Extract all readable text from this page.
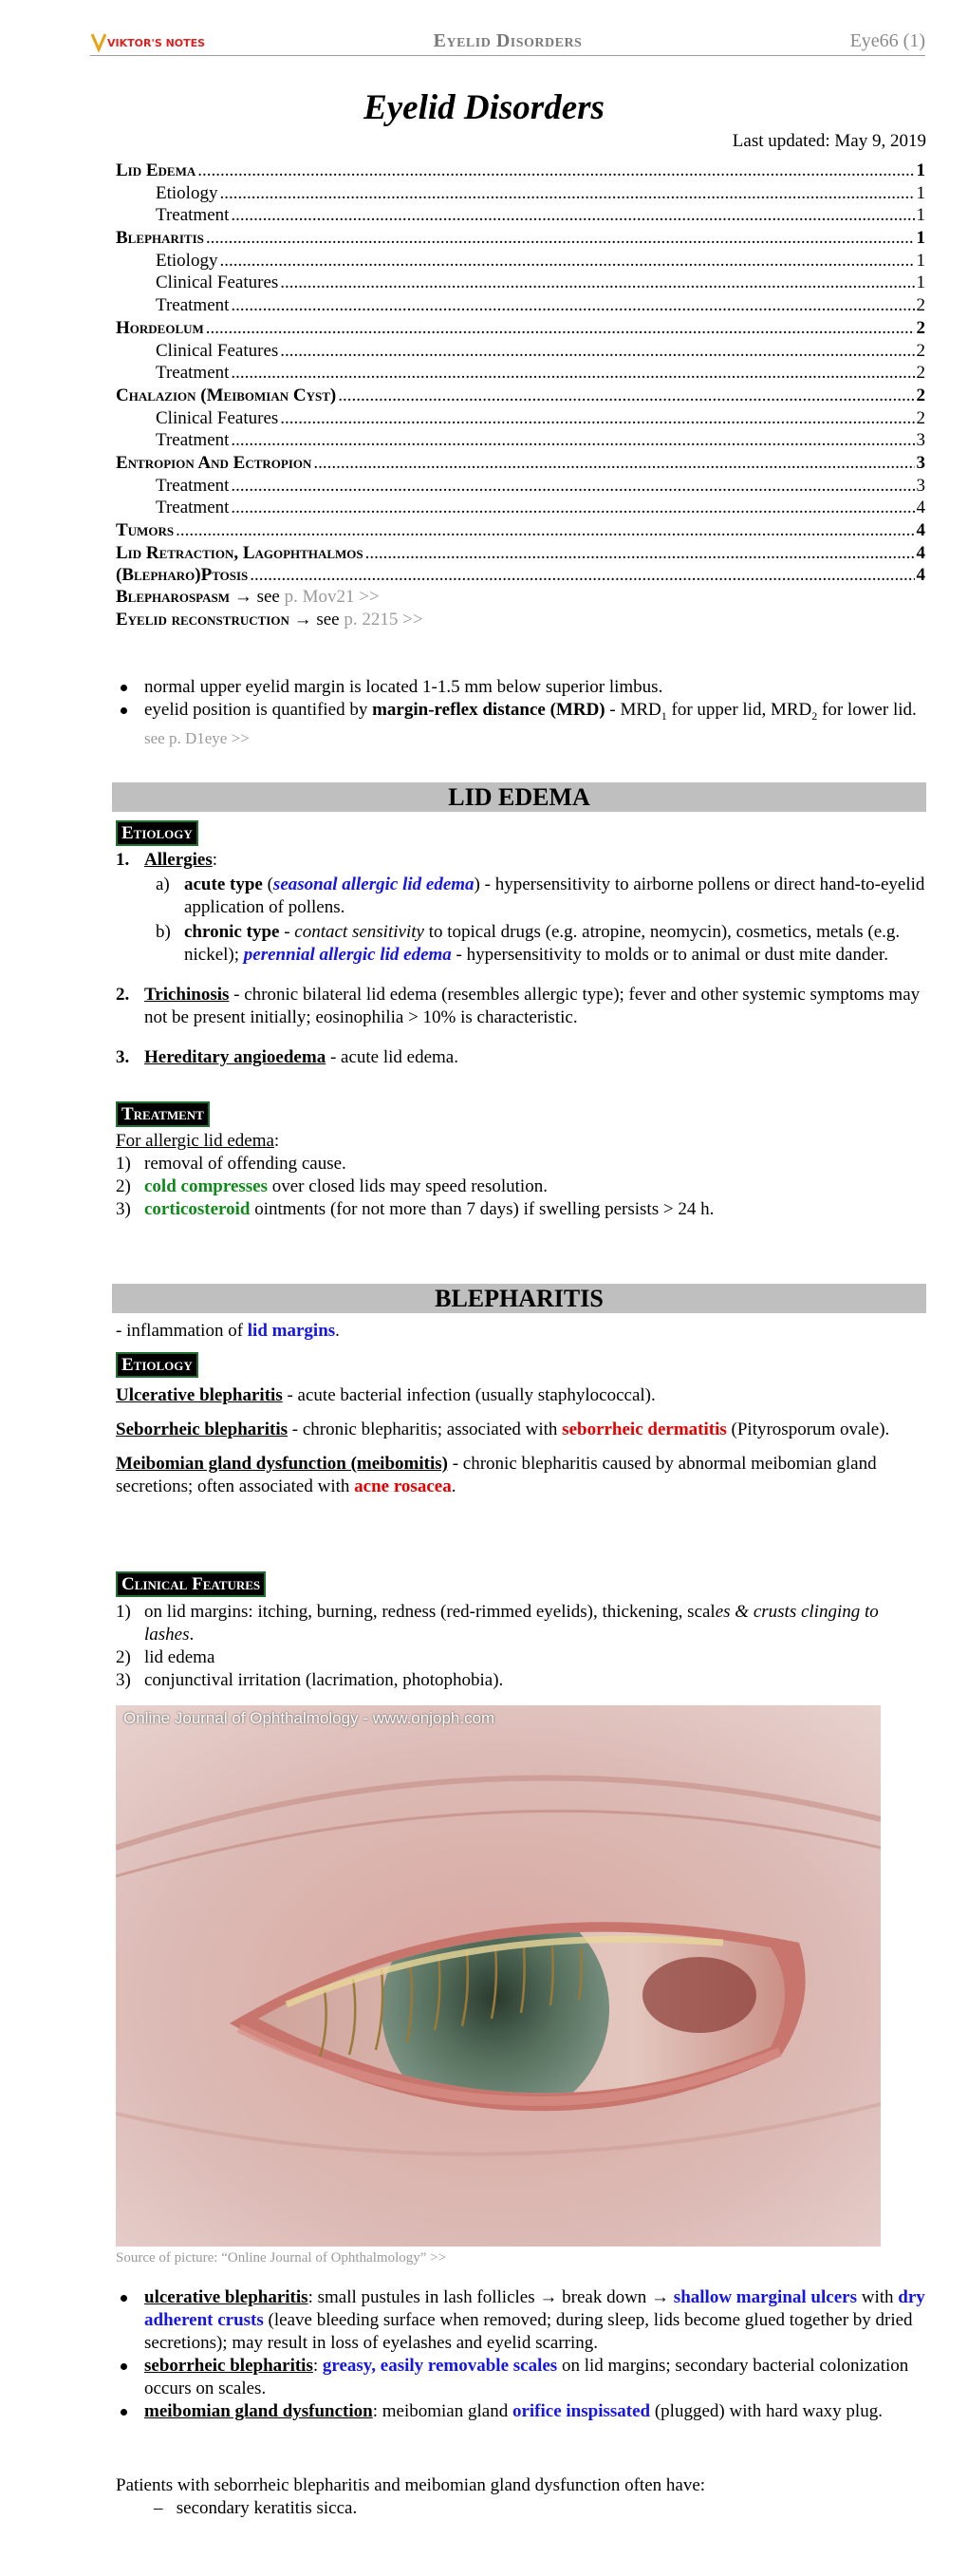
VIKTOR'S NOTES	Eyelid Disorders	Eye66 (1)
Eyelid Disorders
Last updated: May 9, 2019
Lid Edema .....	1
Etiology .....	1
Treatment .....	1
Blepharitis .....	1
Etiology .....	1
Clinical Features .....	1
Treatment .....	2
Hordeolum .....	2
Clinical Features .....	2
Treatment .....	2
Chalazion (Meibomian Cyst) .....	2
Clinical Features .....	2
Treatment .....	3
Entropion And Ectropion .....	3
Treatment .....	3
Treatment .....	4
Tumors .....	4
Lid Retraction, Lagophthalmos .....	4
(Blepharo)Ptosis .....	4
Blepharospasm → see p. Mov21 >>
Eyelid reconstruction → see p. 2215 >>
normal upper eyelid margin is located 1-1.5 mm below superior limbus.
eyelid position is quantified by margin-reflex distance $(MRD) - MRD_1$ for upper lid, $MRD_2$ for lower lid. see p. D1eye >>
LID EDEMA
Etiology
1. Allergies:
a) acute type (seasonal allergic lid edema) - hypersensitivity to airborne pollens or direct hand-to-eyelid application of pollens.
b) chronic type - contact sensitivity to topical drugs (e.g. atropine, neomycin), cosmetics, metals (e.g. nickel); perennial allergic lid edema - hypersensitivity to molds or to animal or dust mite dander.
2. Trichinosis - chronic bilateral lid edema (resembles allergic type); fever and other systemic symptoms may not be present initially; eosinophilia > 10% is characteristic.
3. Hereditary angioedema - acute lid edema.
Treatment
For allergic lid edema:
1) removal of offending cause.
2) cold compresses over closed lids may speed resolution.
3) corticosteroid ointments (for not more than 7 days) if swelling persists > 24 h.
BLEPHARITIS
- inflammation of lid margins.
Etiology
Ulcerative blepharitis - acute bacterial infection (usually staphylococcal).
Seborrheic blepharitis - chronic blepharitis; associated with seborrheic dermatitis (Pityrosporum ovale).
Meibomian gland dysfunction (meibomitis) - chronic blepharitis caused by abnormal meibomian gland secretions; often associated with acne rosacea.
Clinical Features
1) on lid margins: itching, burning, redness (red-rimmed eyelids), thickening, scales & crusts clinging to lashes.
2) lid edema
3) conjunctival irritation (lacrimation, photophobia).
Online Journal of Ophthalmology - www.onjoph.com
Source of picture: “Online Journal of Ophthalmology” >>
ulcerative blepharitis: small pustules in lash follicles → break down → shallow marginal ulcers with dry adherent crusts (leave bleeding surface when removed; during sleep, lids become glued together by dried secretions); may result in loss of eyelashes and eyelid scarring.
seborrheic blepharitis: greasy, easily removable scales on lid margins; secondary bacterial colonization occurs on scales.
meibomian gland dysfunction: meibomian gland orifice inspissated (plugged) with hard waxy plug.
Patients with seborrheic blepharitis and meibomian gland dysfunction often have:
– secondary keratitis sicca.
